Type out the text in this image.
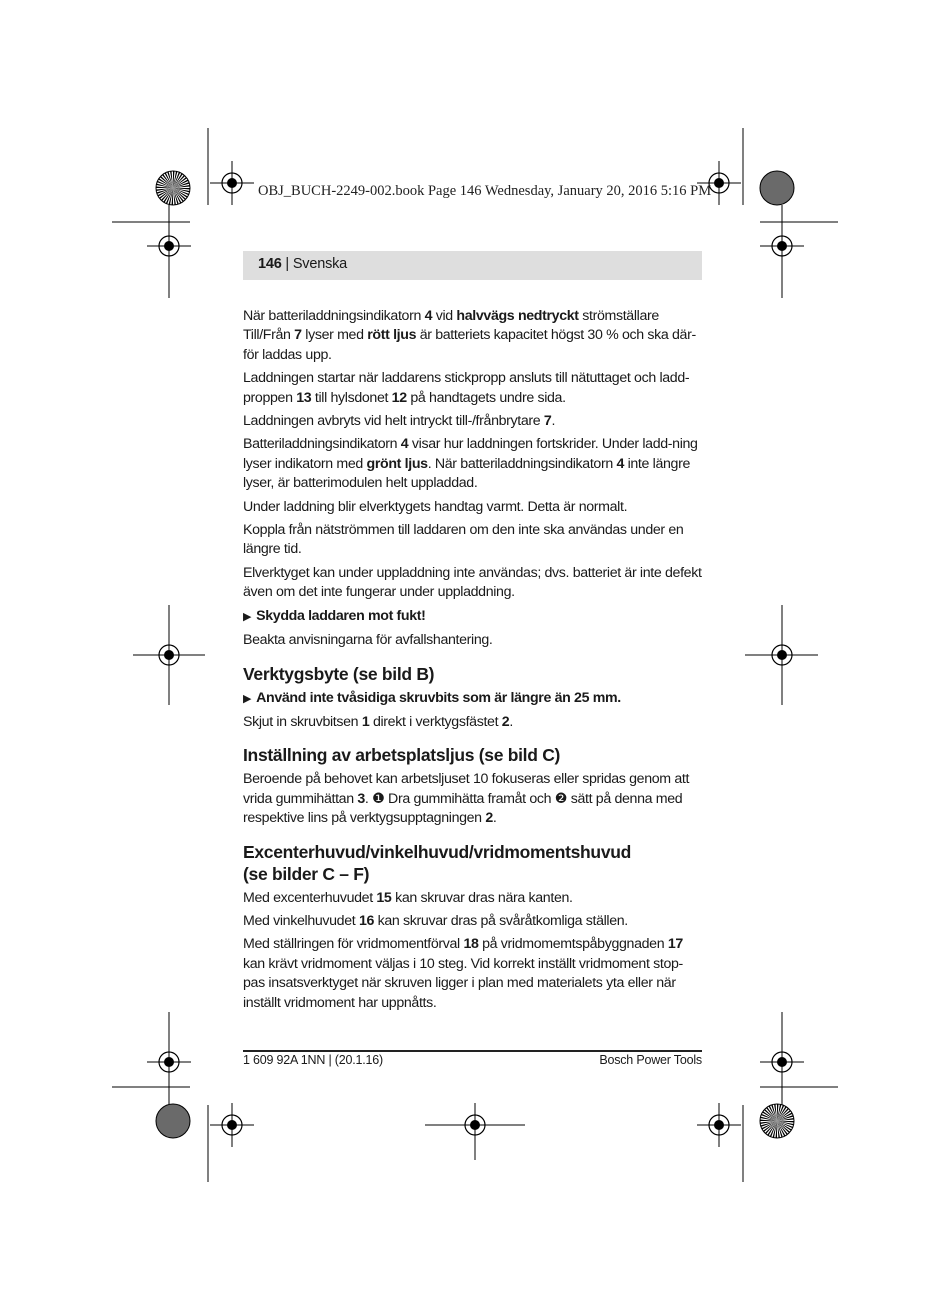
OBJ_BUCH-2249-002.book Page 146 Wednesday, January 20, 2016 5:16 PM
146 | Svenska

När batteriladdningsindikatorn 4 vid halvvägs nedtryckt strömställare Till/Från 7 lyser med rött ljus är batteriets kapacitet högst 30 % och ska där-för laddas upp.

Laddningen startar när laddarens stickpropp ansluts till nätuttaget och ladd-proppen 13 till hylsdonet 12 på handtagets undre sida.

Laddningen avbryts vid helt intryckt till-/frånbrytare 7.

Batteriladdningsindikatorn 4 visar hur laddningen fortskrider. Under ladd-ning lyser indikatorn med grönt ljus. När batteriladdningsindikatorn 4 inte längre lyser, är batterimodulen helt uppladdad.

Under laddning blir elverktygets handtag varmt. Detta är normalt.

Koppla från nätströmmen till laddaren om den inte ska användas under en längre tid.

Elverktyget kan under uppladdning inte användas; dvs. batteriet är inte defekt även om det inte fungerar under uppladdning.

▶ Skydda laddaren mot fukt!

Beakta anvisningarna för avfallshantering.

Verktygsbyte (se bild B)

▶ Använd inte tvåsidiga skruvbits som är längre än 25 mm.

Skjut in skruvbitsen 1 direkt i verktygsfästet 2.

Inställning av arbetsplatsljus (se bild C)

Beroende på behovet kan arbetsljuset 10 fokuseras eller spridas genom att vrida gummihättan 3. ❶ Dra gummihätta framåt och ❷ sätt på denna med respektive lins på verktygsupptagningen 2.

Excenterhuvud/vinkelhuvud/vridmomentshuvud
(se bilder C – F)

Med excenterhuvudet 15 kan skruvar dras nära kanten.

Med vinkelhuvudet 16 kan skruvar dras på svåråtkomliga ställen.

Med ställringen för vridmomentförval 18 på vridmomemtspåbyggnaden 17 kan krävt vridmoment väljas i 10 steg. Vid korrekt inställt vridmoment stop-pas insatsverktyget när skruven ligger i plan med materialets yta eller när inställt vridmoment har uppnåtts.

1 609 92A 1NN | (20.1.16)	Bosch Power Tools
